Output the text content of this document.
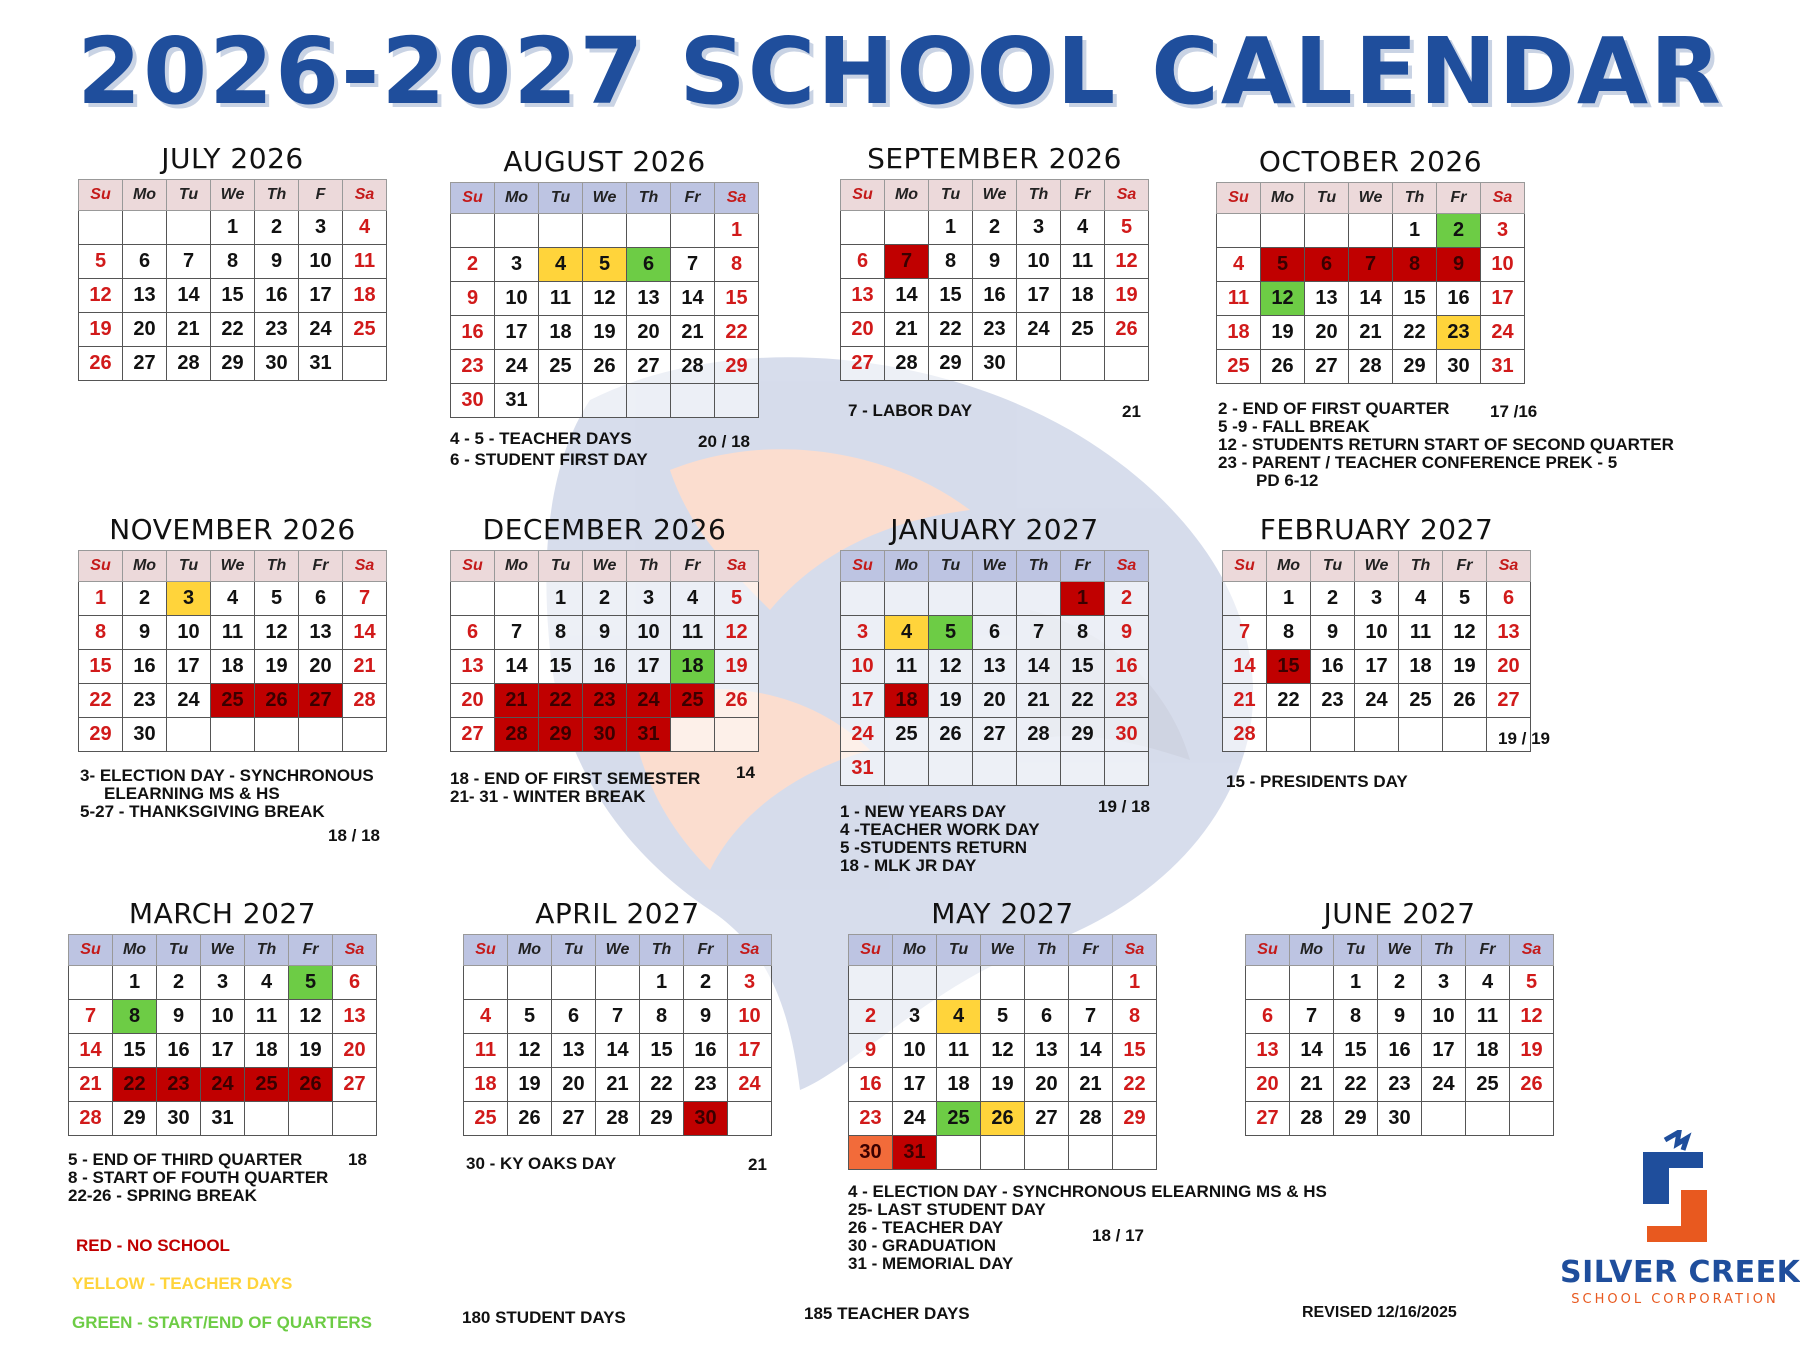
2026-2027 SCHOOL CALENDAR
JULY 2026
Su	Mo	Tu	We	Th	F	Sa
			1	2	3	4
5	6	7	8	9	10	11
12	13	14	15	16	17	18
19	20	21	22	23	24	25
26	27	28	29	30	31	
AUGUST 2026
Su	Mo	Tu	We	Th	Fr	Sa
						1
2	3	4	5	6	7	8
9	10	11	12	13	14	15
16	17	18	19	20	21	22
23	24	25	26	27	28	29
30	31					
SEPTEMBER 2026
Su	Mo	Tu	We	Th	Fr	Sa
		1	2	3	4	5
6	7	8	9	10	11	12
13	14	15	16	17	18	19
20	21	22	23	24	25	26
27	28	29	30			
OCTOBER 2026
Su	Mo	Tu	We	Th	Fr	Sa
				1	2	3
4	5	6	7	8	9	10
11	12	13	14	15	16	17
18	19	20	21	22	23	24
25	26	27	28	29	30	31
NOVEMBER 2026
Su	Mo	Tu	We	Th	Fr	Sa
1	2	3	4	5	6	7
8	9	10	11	12	13	14
15	16	17	18	19	20	21
22	23	24	25	26	27	28
29	30					
DECEMBER 2026
Su	Mo	Tu	We	Th	Fr	Sa
		1	2	3	4	5
6	7	8	9	10	11	12
13	14	15	16	17	18	19
20	21	22	23	24	25	26
27	28	29	30	31		
JANUARY 2027
Su	Mo	Tu	We	Th	Fr	Sa
					1	2
3	4	5	6	7	8	9
10	11	12	13	14	15	16
17	18	19	20	21	22	23
24	25	26	27	28	29	30
31						
FEBRUARY 2027
Su	Mo	Tu	We	Th	Fr	Sa
	1	2	3	4	5	6
7	8	9	10	11	12	13
14	15	16	17	18	19	20
21	22	23	24	25	26	27
28						
MARCH 2027
Su	Mo	Tu	We	Th	Fr	Sa
	1	2	3	4	5	6
7	8	9	10	11	12	13
14	15	16	17	18	19	20
21	22	23	24	25	26	27
28	29	30	31			
APRIL 2027
Su	Mo	Tu	We	Th	Fr	Sa
				1	2	3
4	5	6	7	8	9	10
11	12	13	14	15	16	17
18	19	20	21	22	23	24
25	26	27	28	29	30	
MAY 2027
Su	Mo	Tu	We	Th	Fr	Sa
						1
2	3	4	5	6	7	8
9	10	11	12	13	14	15
16	17	18	19	20	21	22
23	24	25	26	27	28	29
30	31					
JUNE 2027
Su	Mo	Tu	We	Th	Fr	Sa
		1	2	3	4	5
6	7	8	9	10	11	12
13	14	15	16	17	18	19
20	21	22	23	24	25	26
27	28	29	30			
4 - 5 - TEACHER DAYS
6 - STUDENT FIRST DAY
20 / 18
7 - LABOR DAY	21	2 - END OF FIRST QUARTER
5 -9 - FALL BREAK
12 - STUDENTS RETURN START OF SECOND QUARTER
23 - PARENT / TEACHER CONFERENCE PREK - 5
PD 6-12
17 /16
3- ELECTION DAY - SYNCHRONOUS
ELEARNING MS & HS
5-27 - THANKSGIVING BREAK
18 / 18
18 - END OF FIRST SEMESTER
21- 31 - WINTER BREAK
14
1 - NEW YEARS DAY
4 -TEACHER WORK DAY
5 -STUDENTS RETURN
18 - MLK JR DAY
19 / 18
15 - PRESIDENTS DAY
19 / 19
5 - END OF THIRD QUARTER
8 - START OF FOUTH QUARTER
22-26 - SPRING BREAK
18	30 - KY OAKS DAY	21
4 - ELECTION DAY - SYNCHRONOUS ELEARNING MS & HS
25- LAST STUDENT DAY
26 - TEACHER DAY
30 - GRADUATION
31 - MEMORIAL DAY
18 / 17
RED - NO SCHOOL
YELLOW - TEACHER DAYS
GREEN - START/END OF QUARTERS	180 STUDENT DAYS	185 TEACHER DAYS	REVISED 12/16/2025
SILVER CREEK
SCHOOL CORPORATION
